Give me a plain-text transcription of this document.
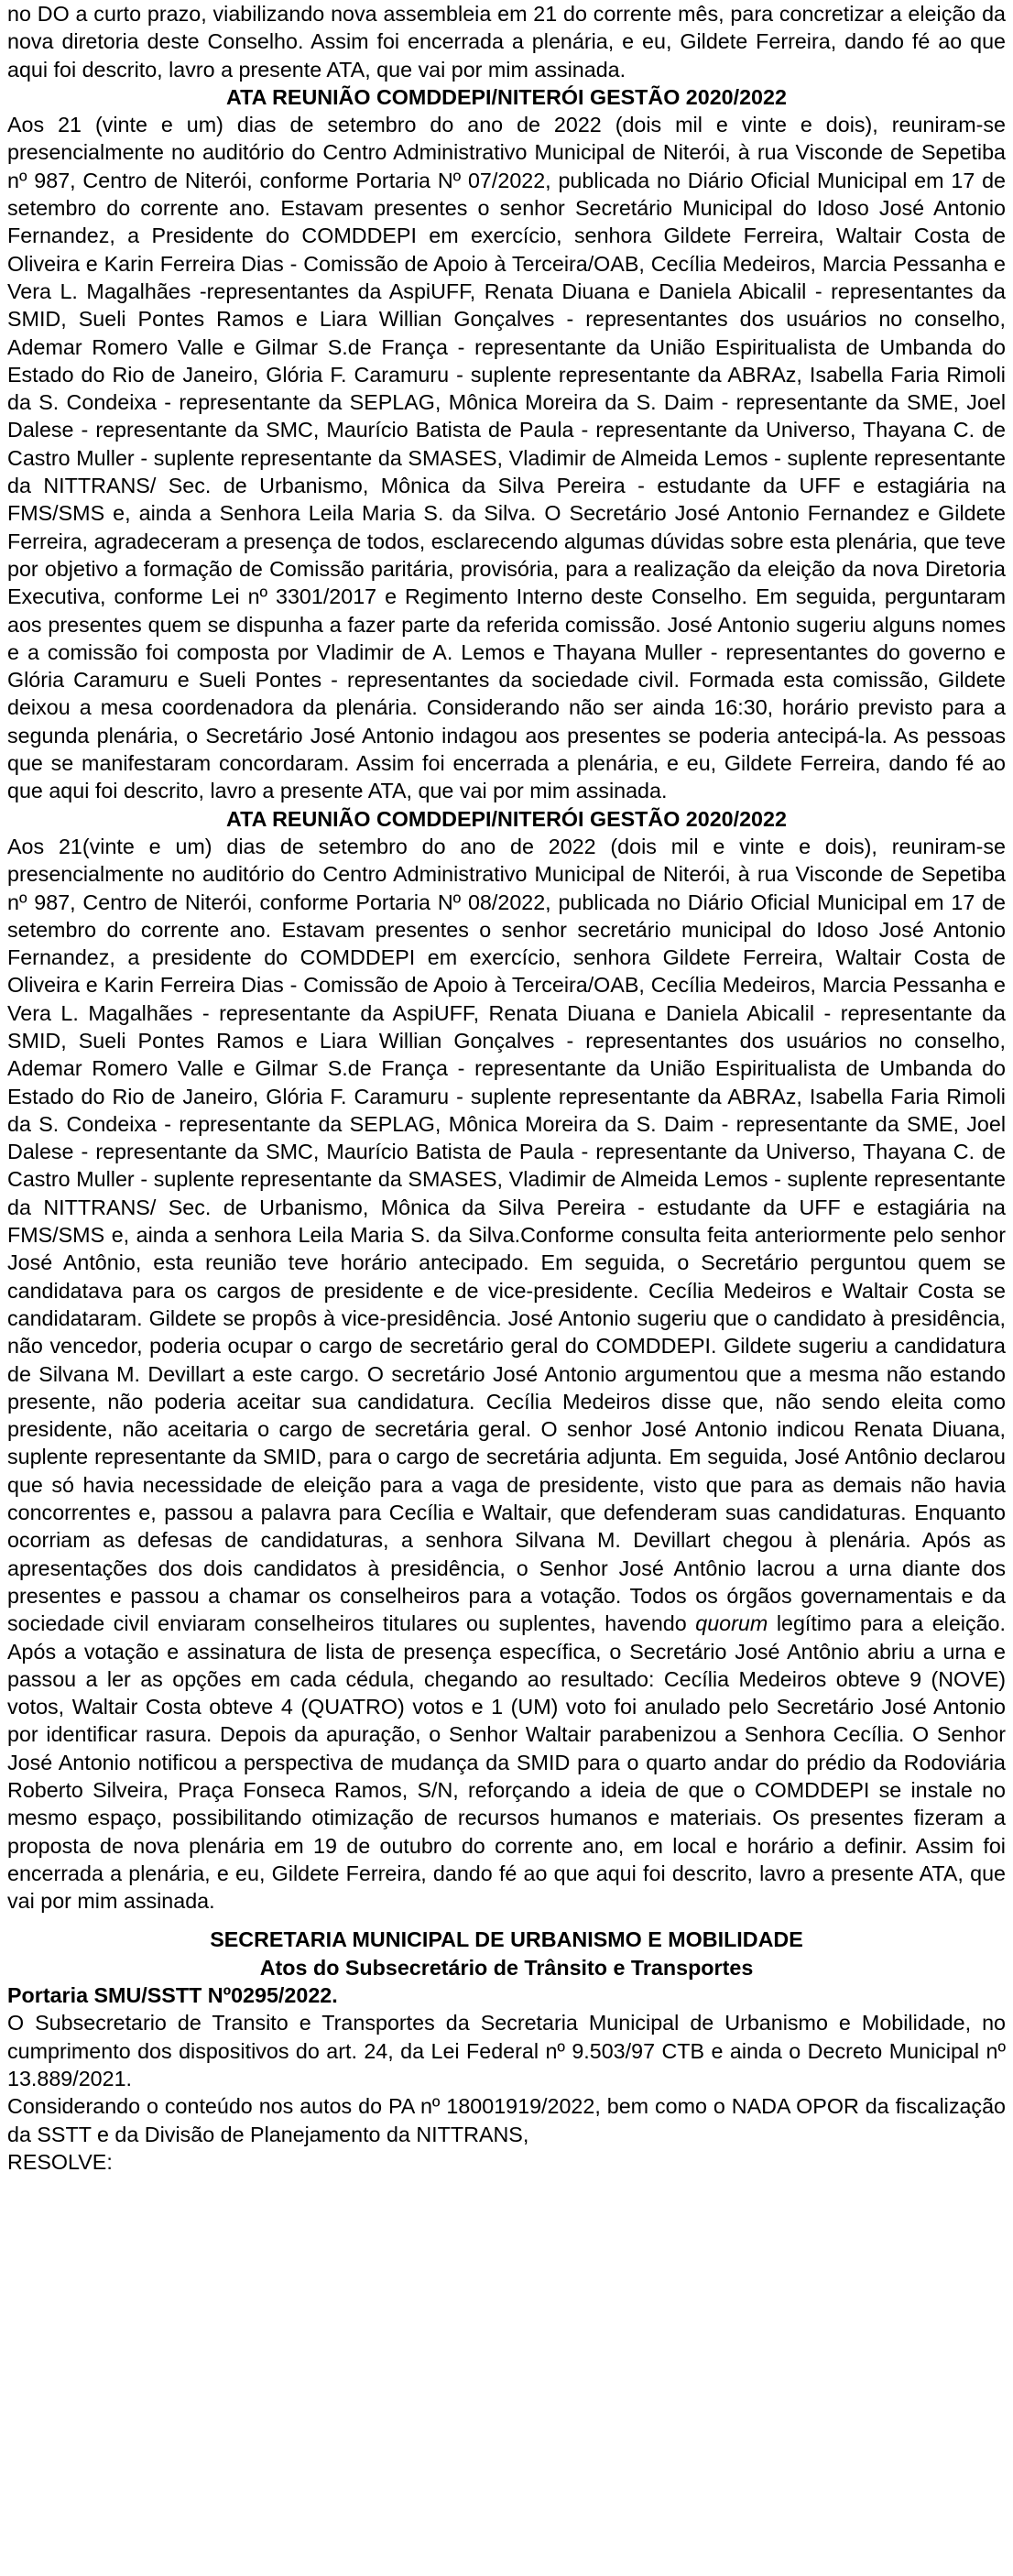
no DO a curto prazo, viabilizando nova assembleia em 21 do corrente mês, para concretizar a eleição da nova diretoria deste Conselho. Assim foi encerrada a plenária, e eu, Gildete Ferreira, dando fé ao que aqui foi descrito, lavro a presente ATA, que vai por mim assinada.

ATA REUNIÃO COMDDEPI/NITERÓI GESTÃO 2020/2022

Aos 21 (vinte e um) dias de setembro do ano de 2022 (dois mil e vinte e dois), reuniram-se presencialmente no auditório do Centro Administrativo Municipal de Niterói, à rua Visconde de Sepetiba nº 987, Centro de Niterói, conforme Portaria Nº 07/2022, publicada no Diário Oficial Municipal em 17 de setembro do corrente ano. Estavam presentes o senhor Secretário Municipal do Idoso José Antonio Fernandez, a Presidente do COMDDEPI em exercício, senhora Gildete Ferreira, Waltair Costa de Oliveira e Karin Ferreira Dias - Comissão de Apoio à Terceira/OAB, Cecília Medeiros, Marcia Pessanha e Vera L. Magalhães -representantes da AspiUFF, Renata Diuana e Daniela Abicalil - representantes da SMID, Sueli Pontes Ramos e Liara Willian Gonçalves - representantes dos usuários no conselho, Ademar Romero Valle e Gilmar S.de França - representante da União Espiritualista de Umbanda do Estado do Rio de Janeiro, Glória F. Caramuru - suplente representante da ABRAz, Isabella Faria Rimoli da S. Condeixa - representante da SEPLAG, Mônica Moreira da S. Daim - representante da SME, Joel Dalese - representante da SMC, Maurício Batista de Paula - representante da Universo, Thayana C. de Castro Muller - suplente representante da SMASES, Vladimir de Almeida Lemos - suplente representante da NITTRANS/ Sec. de Urbanismo, Mônica da Silva Pereira - estudante da UFF e estagiária na FMS/SMS e, ainda a Senhora Leila Maria S. da Silva. O Secretário José Antonio Fernandez e Gildete Ferreira, agradeceram a presença de todos, esclarecendo algumas dúvidas sobre esta plenária, que teve por objetivo a formação de Comissão paritária, provisória, para a realização da eleição da nova Diretoria Executiva, conforme Lei nº 3301/2017 e Regimento Interno deste Conselho. Em seguida, perguntaram aos presentes quem se dispunha a fazer parte da referida comissão. José Antonio sugeriu alguns nomes e a comissão foi composta por Vladimir de A. Lemos e Thayana Muller - representantes do governo e Glória Caramuru e Sueli Pontes - representantes da sociedade civil. Formada esta comissão, Gildete deixou a mesa coordenadora da plenária. Considerando não ser ainda 16:30, horário previsto para a segunda plenária, o Secretário José Antonio indagou aos presentes se poderia antecipá-la. As pessoas que se manifestaram concordaram. Assim foi encerrada a plenária, e eu, Gildete Ferreira, dando fé ao que aqui foi descrito, lavro a presente ATA, que vai por mim assinada.

ATA REUNIÃO COMDDEPI/NITERÓI GESTÃO 2020/2022

Aos 21(vinte e um) dias de setembro do ano de 2022 (dois mil e vinte e dois), reuniram-se presencialmente no auditório do Centro Administrativo Municipal de Niterói, à rua Visconde de Sepetiba nº 987, Centro de Niterói, conforme Portaria Nº 08/2022, publicada no Diário Oficial Municipal em 17 de setembro do corrente ano. Estavam presentes o senhor secretário municipal do Idoso José Antonio Fernandez, a presidente do COMDDEPI em exercício, senhora Gildete Ferreira, Waltair Costa de Oliveira e Karin Ferreira Dias - Comissão de Apoio à Terceira/OAB, Cecília Medeiros, Marcia Pessanha e Vera L. Magalhães - representante da AspiUFF, Renata Diuana e Daniela Abicalil - representante da SMID, Sueli Pontes Ramos e Liara Willian Gonçalves - representantes dos usuários no conselho, Ademar Romero Valle e Gilmar S.de França - representante da União Espiritualista de Umbanda do Estado do Rio de Janeiro, Glória F. Caramuru - suplente representante da ABRAz, Isabella Faria Rimoli da S. Condeixa - representante da SEPLAG, Mônica Moreira da S. Daim - representante da SME, Joel Dalese - representante da SMC, Maurício Batista de Paula - representante da Universo, Thayana C. de Castro Muller - suplente representante da SMASES, Vladimir de Almeida Lemos - suplente representante da NITTRANS/ Sec. de Urbanismo, Mônica da Silva Pereira - estudante da UFF e estagiária na FMS/SMS e, ainda a senhora Leila Maria S. da Silva.Conforme consulta feita anteriormente pelo senhor José Antônio, esta reunião teve horário antecipado. Em seguida, o Secretário perguntou quem se candidatava para os cargos de presidente e de vice-presidente. Cecília Medeiros e Waltair Costa se candidataram. Gildete se propôs à vice-presidência. José Antonio sugeriu que o candidato à presidência, não vencedor, poderia ocupar o cargo de secretário geral do COMDDEPI. Gildete sugeriu a candidatura de Silvana M. Devillart a este cargo. O secretário José Antonio argumentou que a mesma não estando presente, não poderia aceitar sua candidatura. Cecília Medeiros disse que, não sendo eleita como presidente, não aceitaria o cargo de secretária geral. O senhor José Antonio indicou Renata Diuana, suplente representante da SMID, para o cargo de secretária adjunta. Em seguida, José Antônio declarou que só havia necessidade de eleição para a vaga de presidente, visto que para as demais não havia concorrentes e, passou a palavra para Cecília e Waltair, que defenderam suas candidaturas. Enquanto ocorriam as defesas de candidaturas, a senhora Silvana M. Devillart chegou à plenária. Após as apresentações dos dois candidatos à presidência, o Senhor José Antônio lacrou a urna diante dos presentes e passou a chamar os conselheiros para a votação. Todos os órgãos governamentais e da sociedade civil enviaram conselheiros titulares ou suplentes, havendo quorum legítimo para a eleição. Após a votação e assinatura de lista de presença específica, o Secretário José Antônio abriu a urna e passou a ler as opções em cada cédula, chegando ao resultado: Cecília Medeiros obteve 9 (NOVE) votos, Waltair Costa obteve 4 (QUATRO) votos e 1 (UM) voto foi anulado pelo Secretário José Antonio por identificar rasura. Depois da apuração, o Senhor Waltair parabenizou a Senhora Cecília. O Senhor José Antonio notificou a perspectiva de mudança da SMID para o quarto andar do prédio da Rodoviária Roberto Silveira, Praça Fonseca Ramos, S/N, reforçando a ideia de que o COMDDEPI se instale no mesmo espaço, possibilitando otimização de recursos humanos e materiais. Os presentes fizeram a proposta de nova plenária em 19 de outubro do corrente ano, em local e horário a definir. Assim foi encerrada a plenária, e eu, Gildete Ferreira, dando fé ao que aqui foi descrito, lavro a presente ATA, que vai por mim assinada.

SECRETARIA MUNICIPAL DE URBANISMO E MOBILIDADE

Atos do Subsecretário de Trânsito e Transportes

Portaria SMU/SSTT Nº0295/2022.

O Subsecretario de Transito e Transportes da Secretaria Municipal de Urbanismo e Mobilidade, no cumprimento dos dispositivos do art. 24, da Lei Federal nº 9.503/97 CTB e ainda o Decreto Municipal nº 13.889/2021.

Considerando o conteúdo nos autos do PA nº 18001919/2022, bem como o NADA OPOR da fiscalização da SSTT e da Divisão de Planejamento da NITTRANS,

RESOLVE:
